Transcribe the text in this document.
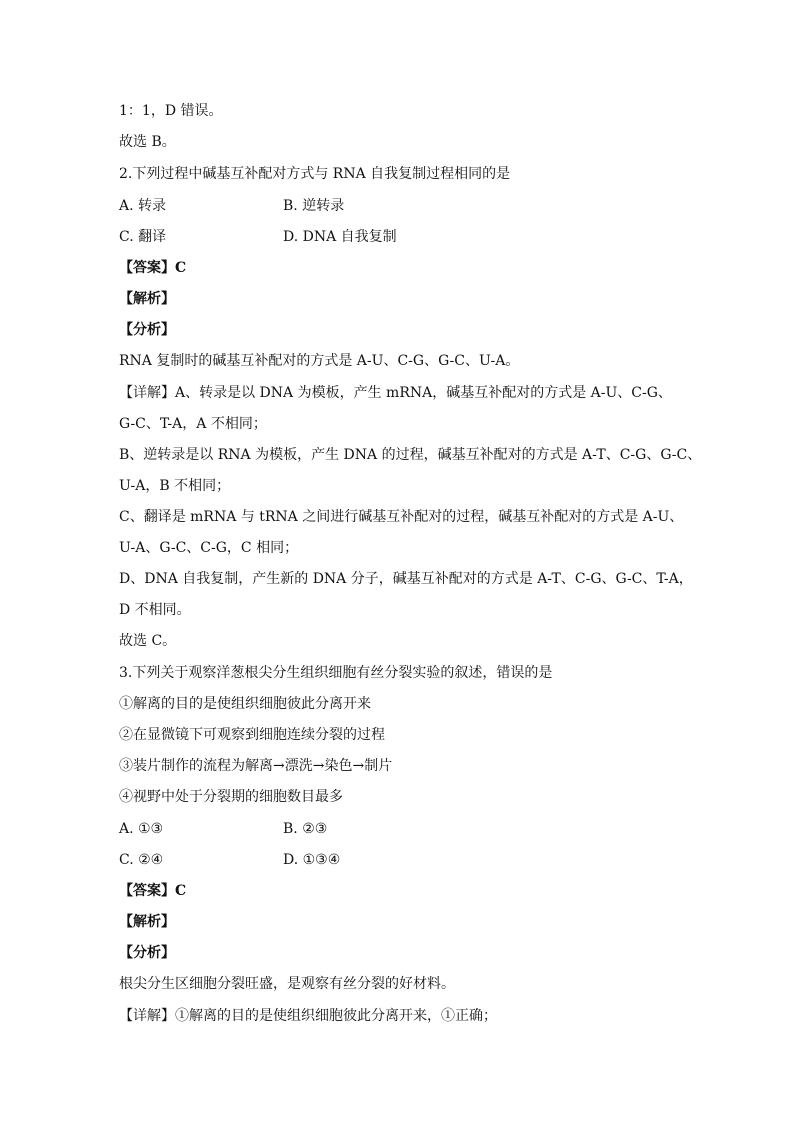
1：1，D 错误。
故选 B。
2.下列过程中碱基互补配对方式与 RNA 自我复制过程相同的是
A. 转录	B. 逆转录
C. 翻译	D. DNA 自我复制
【答案】C
【解析】
【分析】
RNA 复制时的碱基互补配对的方式是 A-U、C-G、G-C、U-A。
【详解】A、转录是以 DNA 为模板，产生 mRNA，碱基互补配对的方式是 A-U、C-G、
G-C、T-A，A 不相同；
B、逆转录是以 RNA 为模板，产生 DNA 的过程，碱基互补配对的方式是 A-T、C-G、G-C、
U-A，B 不相同；
C、翻译是 mRNA 与 tRNA 之间进行碱基互补配对的过程，碱基互补配对的方式是 A-U、
U-A、G-C、C-G，C 相同；
D、DNA 自我复制，产生新的 DNA 分子，碱基互补配对的方式是 A-T、C-G、G-C、T-A，
D 不相同。
故选 C。
3.下列关于观察洋葱根尖分生组织细胞有丝分裂实验的叙述，错误的是
①解离的目的是使组织细胞彼此分离开来
②在显微镜下可观察到细胞连续分裂的过程
③装片制作的流程为解离→漂洗→染色→制片
④视野中处于分裂期的细胞数目最多
A. ①③	B. ②③
C. ②④	D. ①③④
【答案】C
【解析】
【分析】
根尖分生区细胞分裂旺盛，是观察有丝分裂的好材料。
【详解】①解离的目的是使组织细胞彼此分离开来，①正确；
